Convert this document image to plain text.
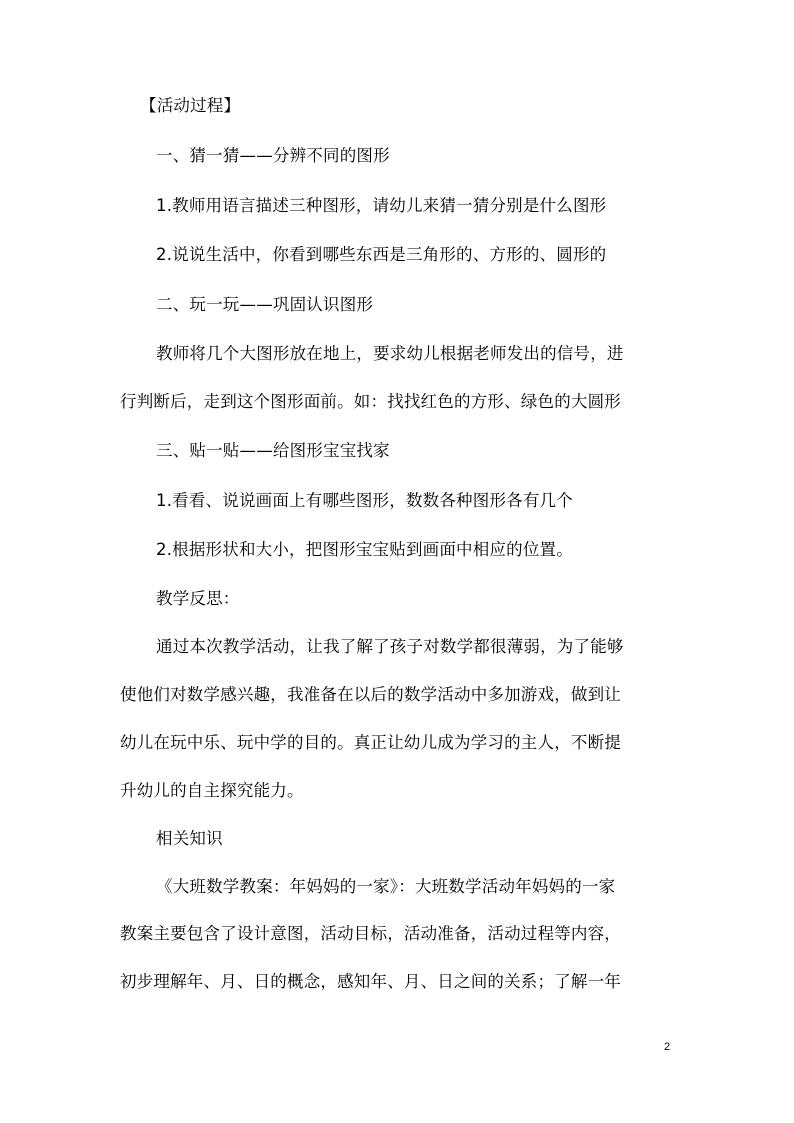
【活动过程】
一、猜一猜——分辨不同的图形
1.教师用语言描述三种图形，请幼儿来猜一猜分别是什么图形
2.说说生活中，你看到哪些东西是三角形的、方形的、圆形的
二、玩一玩——巩固认识图形
教师将几个大图形放在地上，要求幼儿根据老师发出的信号，进
行判断后，走到这个图形面前。如：找找红色的方形、绿色的大圆形
三、贴一贴——给图形宝宝找家
1.看看、说说画面上有哪些图形，数数各种图形各有几个
2.根据形状和大小，把图形宝宝贴到画面中相应的位置。
教学反思：
通过本次教学活动，让我了解了孩子对数学都很薄弱，为了能够
使他们对数学感兴趣，我准备在以后的数学活动中多加游戏，做到让
幼儿在玩中乐、玩中学的目的。真正让幼儿成为学习的主人，不断提
升幼儿的自主探究能力。
相关知识
《大班数学教案：年妈妈的一家》：大班数学活动年妈妈的一家
教案主要包含了设计意图，活动目标，活动准备，活动过程等内容，
初步理解年、月、日的概念，感知年、月、日之间的关系；了解一年
2
